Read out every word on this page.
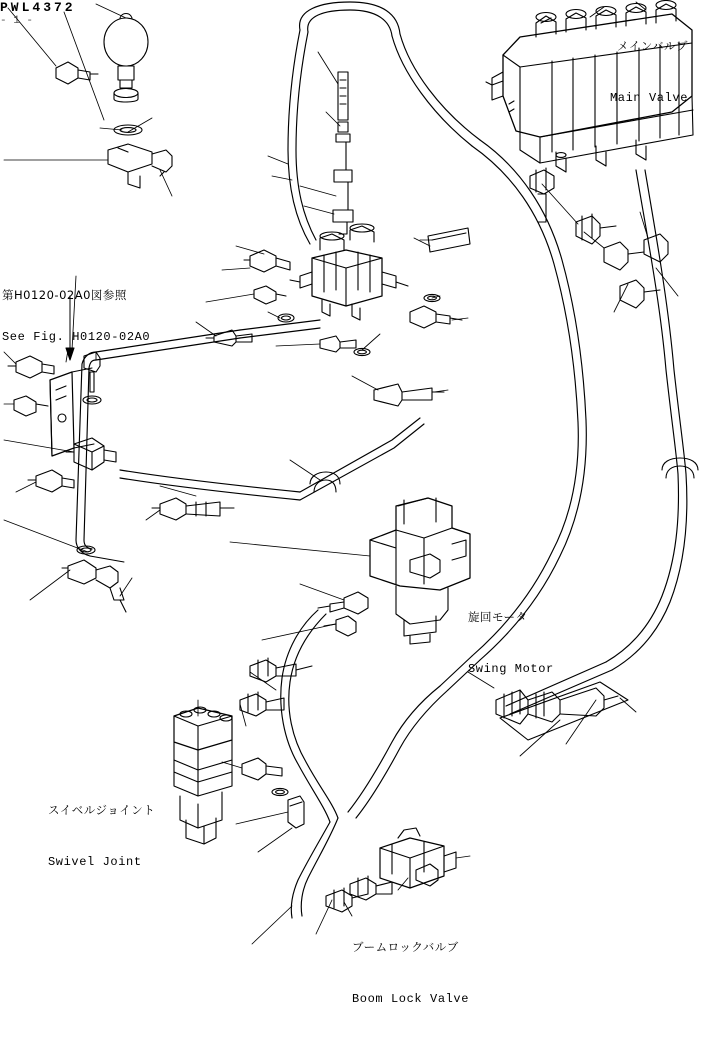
メインバルブ

Main Valve

旋回モータ

Swing Motor

スイベルジョイント

Swivel Joint

ブームロックバルブ

Boom Lock Valve

第H0120-02A0図参照

See Fig. H0120-02A0

PWL4372
- 1 -
